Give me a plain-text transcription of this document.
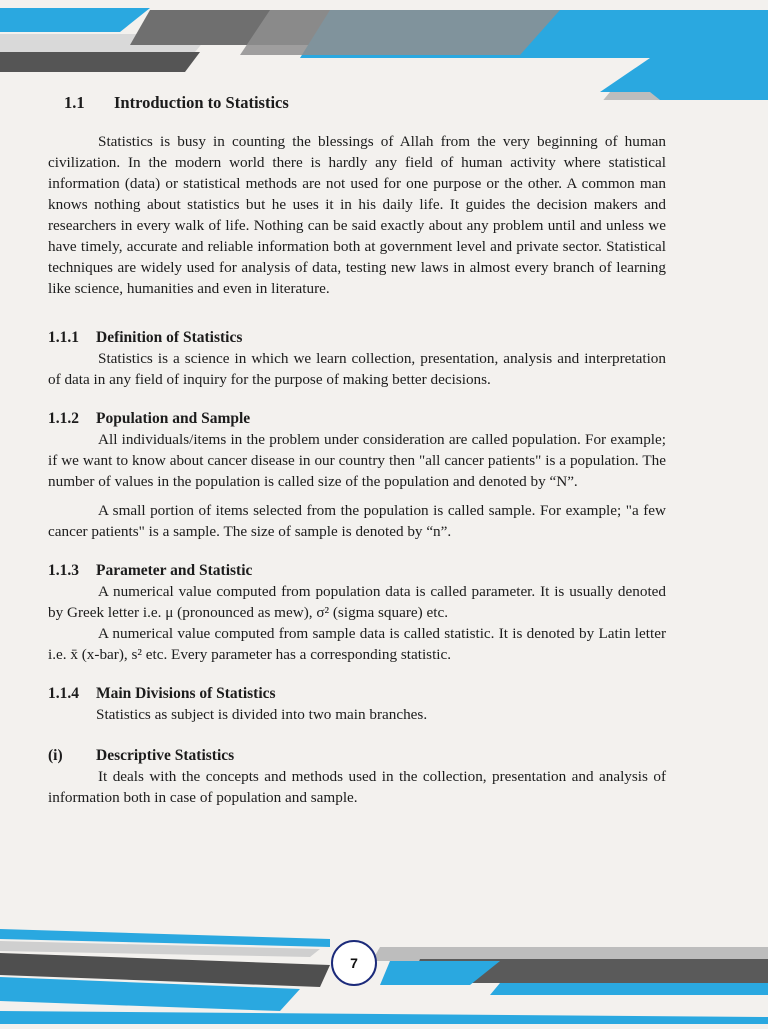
1.1 Introduction to Statistics

Statistics is busy in counting the blessings of Allah from the very beginning of human civilization. In the modern world there is hardly any field of human activity where statistical information (data) or statistical methods are not used for one purpose or the other. A common man knows nothing about statistics but he uses it in his daily life. It guides the decision makers and researchers in every walk of life. Nothing can be said exactly about any problem until and unless we have timely, accurate and reliable information both at government level and private sector. Statistical techniques are widely used for analysis of data, testing new laws in almost every branch of learning like science, humanities and even in literature.

1.1.1 Definition of Statistics

Statistics is a science in which we learn collection, presentation, analysis and interpretation of data in any field of inquiry for the purpose of making better decisions.

1.1.2 Population and Sample

All individuals/items in the problem under consideration are called population. For example; if we want to know about cancer disease in our country then "all cancer patients" is a population. The number of values in the population is called size of the population and denoted by “N”.

A small portion of items selected from the population is called sample. For example; "a few cancer patients" is a sample. The size of sample is denoted by “n”.

1.1.3 Parameter and Statistic

A numerical value computed from population data is called parameter. It is usually denoted by Greek letter i.e. μ (pronounced as mew), σ² (sigma square) etc.

A numerical value computed from sample data is called statistic. It is denoted by Latin letter i.e. x̄ (x-bar), s² etc. Every parameter has a corresponding statistic.

1.1.4 Main Divisions of Statistics

Statistics as subject is divided into two main branches.

(i) Descriptive Statistics

It deals with the concepts and methods used in the collection, presentation and analysis of information both in case of population and sample.

7
